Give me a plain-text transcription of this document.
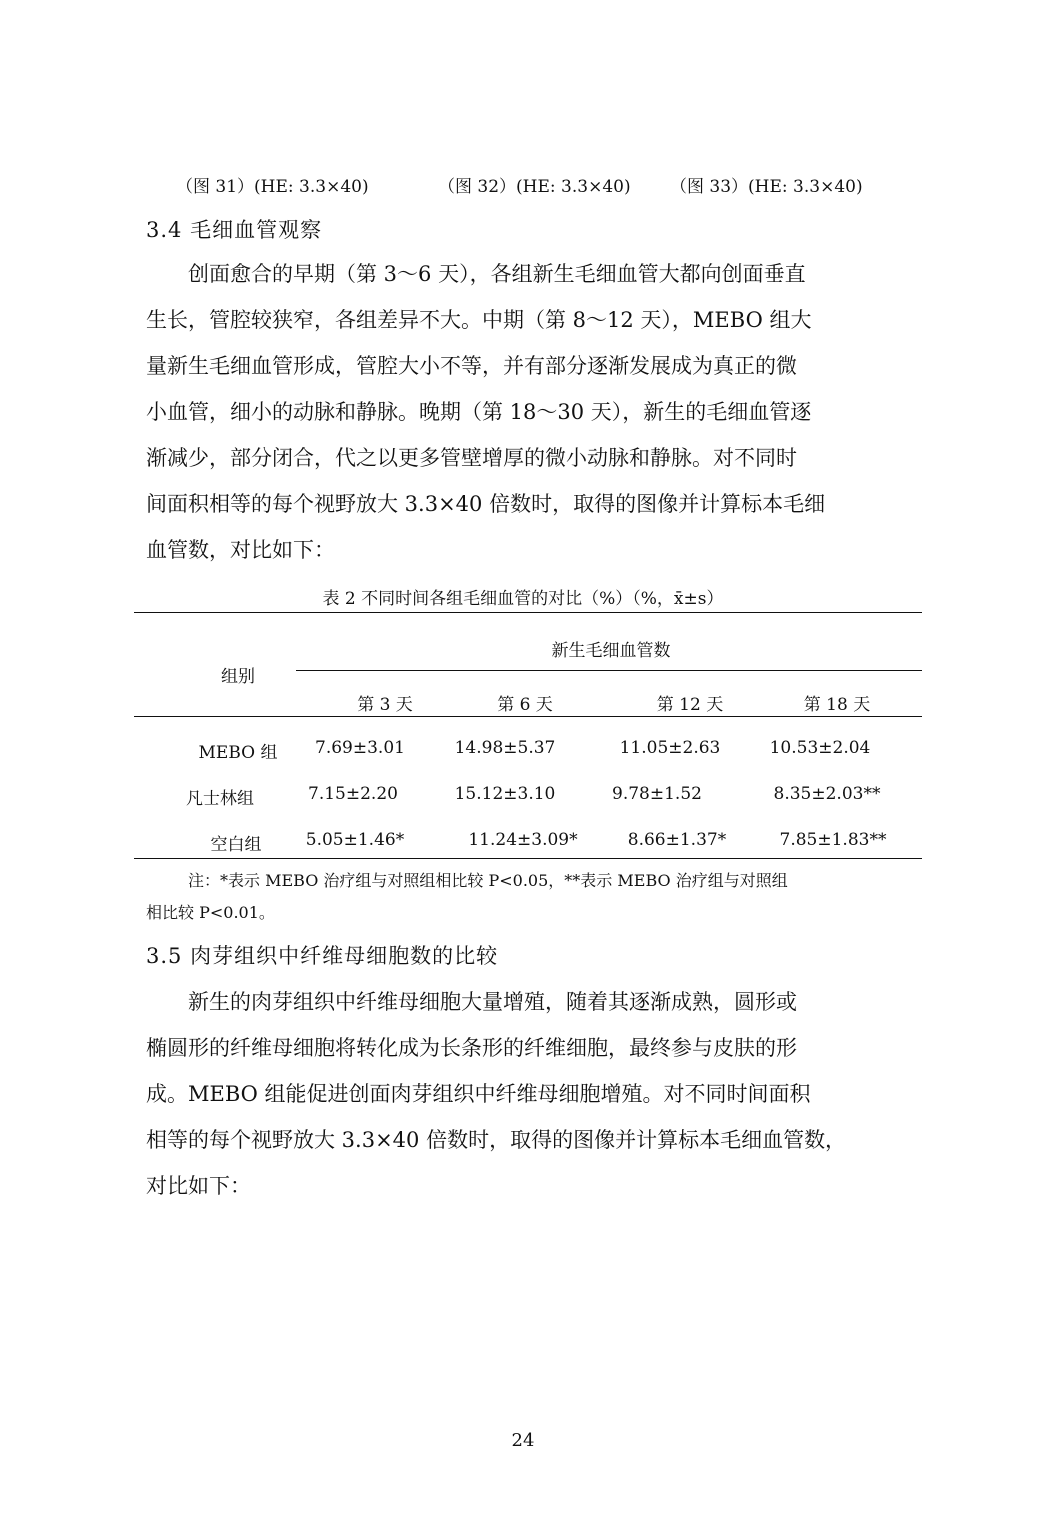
（图 31）(HE: 3.3×40)	（图 32）(HE: 3.3×40) （图 33）(HE: 3.3×40)
3.4 毛细血管观察
创面愈合的早期（第 3～6 天），各组新生毛细血管大都向创面垂直
生长，管腔较狭窄，各组差异不大。中期（第 8～12 天），MEBO 组大
量新生毛细血管形成，管腔大小不等，并有部分逐渐发展成为真正的微
小血管，细小的动脉和静脉。晚期（第 18～30 天），新生的毛细血管逐
渐减少，部分闭合，代之以更多管壁增厚的微小动脉和静脉。对不同时
间面积相等的每个视野放大 3.3×40 倍数时，取得的图像并计算标本毛细
血管数，对比如下：
表 2 不同时间各组毛细血管的对比（%）（%，x̄±s）
组别
新生毛细血管数
第 3 天	第 6 天	第 12 天	第 18 天
MEBO 组	7.69±3.01	14.98±5.37	11.05±2.63	10.53±2.04
凡士林组	7.15±2.20	15.12±3.10	9.78±1.52	8.35±2.03**
空白组	5.05±1.46*	11.24±3.09*	8.66±1.37*	7.85±1.83**
注：*表示 MEBO 治疗组与对照组相比较 P<0.05，**表示 MEBO 治疗组与对照组
相比较 P<0.01。
3.5 肉芽组织中纤维母细胞数的比较
新生的肉芽组织中纤维母细胞大量增殖，随着其逐渐成熟，圆形或
椭圆形的纤维母细胞将转化成为长条形的纤维细胞，最终参与皮肤的形
成。MEBO 组能促进创面肉芽组织中纤维母细胞增殖。对不同时间面积
相等的每个视野放大 3.3×40 倍数时，取得的图像并计算标本毛细血管数，
对比如下：
24
